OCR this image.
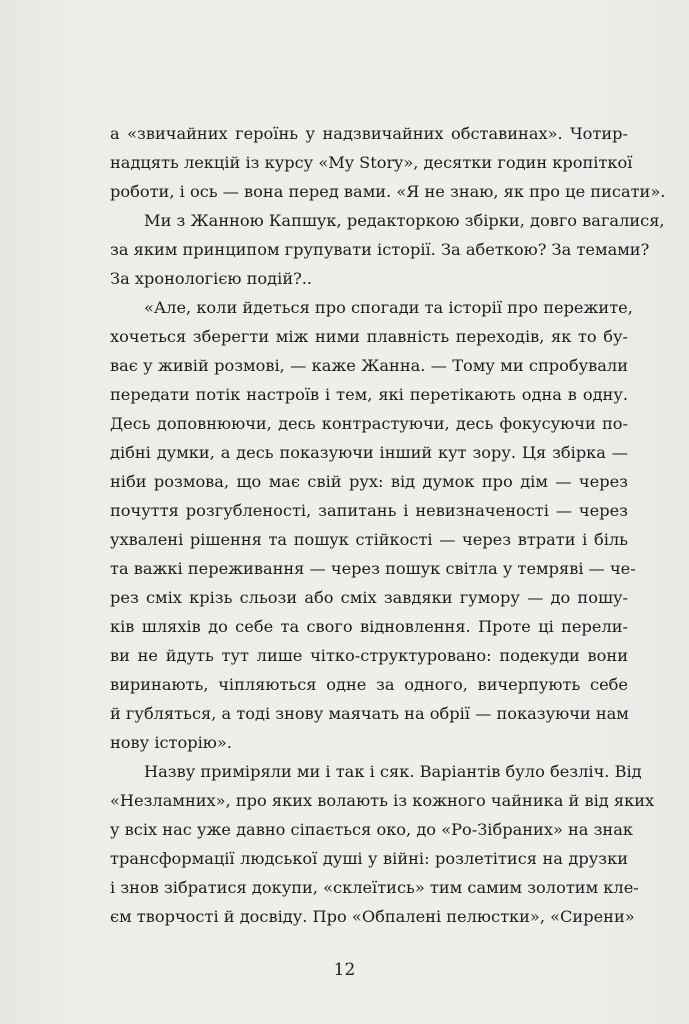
а «звичайних героїнь у надзвичайних обставинах». Чотир-
надцять лекцій із курсу «My Story», десятки годин кропіткої
роботи, і ось — вона перед вами. «Я не знаю, як про це писати».
Ми з Жанною Капшук, редакторкою збірки, довго вагалися,
за яким принципом групувати історії. За абеткою? За темами?
За хронологією подій?..
«Але, коли йдеться про спогади та історії про пережите,
хочеться зберегти між ними плавність переходів, як то бу-
ває у живій розмові, — каже Жанна. — Тому ми спробували
передати потік настроїв і тем, які перетікають одна в одну.
Десь доповнюючи, десь контрастуючи, десь фокусуючи по-
дібні думки, а десь показуючи інший кут зору. Ця збірка —
ніби розмова, що має свій рух: від думок про дім — через
почуття розгубленості, запитань і невизначеності — через
ухвалені рішення та пошук стійкості — через втрати і біль
та важкі переживання — через пошук світла у темряві — че-
рез сміх крізь сльози або сміх завдяки гумору — до пошу-
ків шляхів до себе та свого відновлення. Проте ці перели-
ви не йдуть тут лише чітко-структуровано: подекуди вони
виринають, чіпляються одне за одного, вичерпують себе
й губляться, а тоді знову маячать на обрії — показуючи нам
нову історію».
Назву приміряли ми і так і сяк. Варіантів було безліч. Від
«Незламних», про яких волають із кожного чайника й від яких
у всіх нас уже давно сіпається око, до «Ро-Зібраних» на знак
трансформації людської душі у війні: розлетітися на друзки
і знов зібратися докупи, «склеїтись» тим самим золотим кле-
єм творчості й досвіду. Про «Обпалені пелюстки», «Сирени»
12
